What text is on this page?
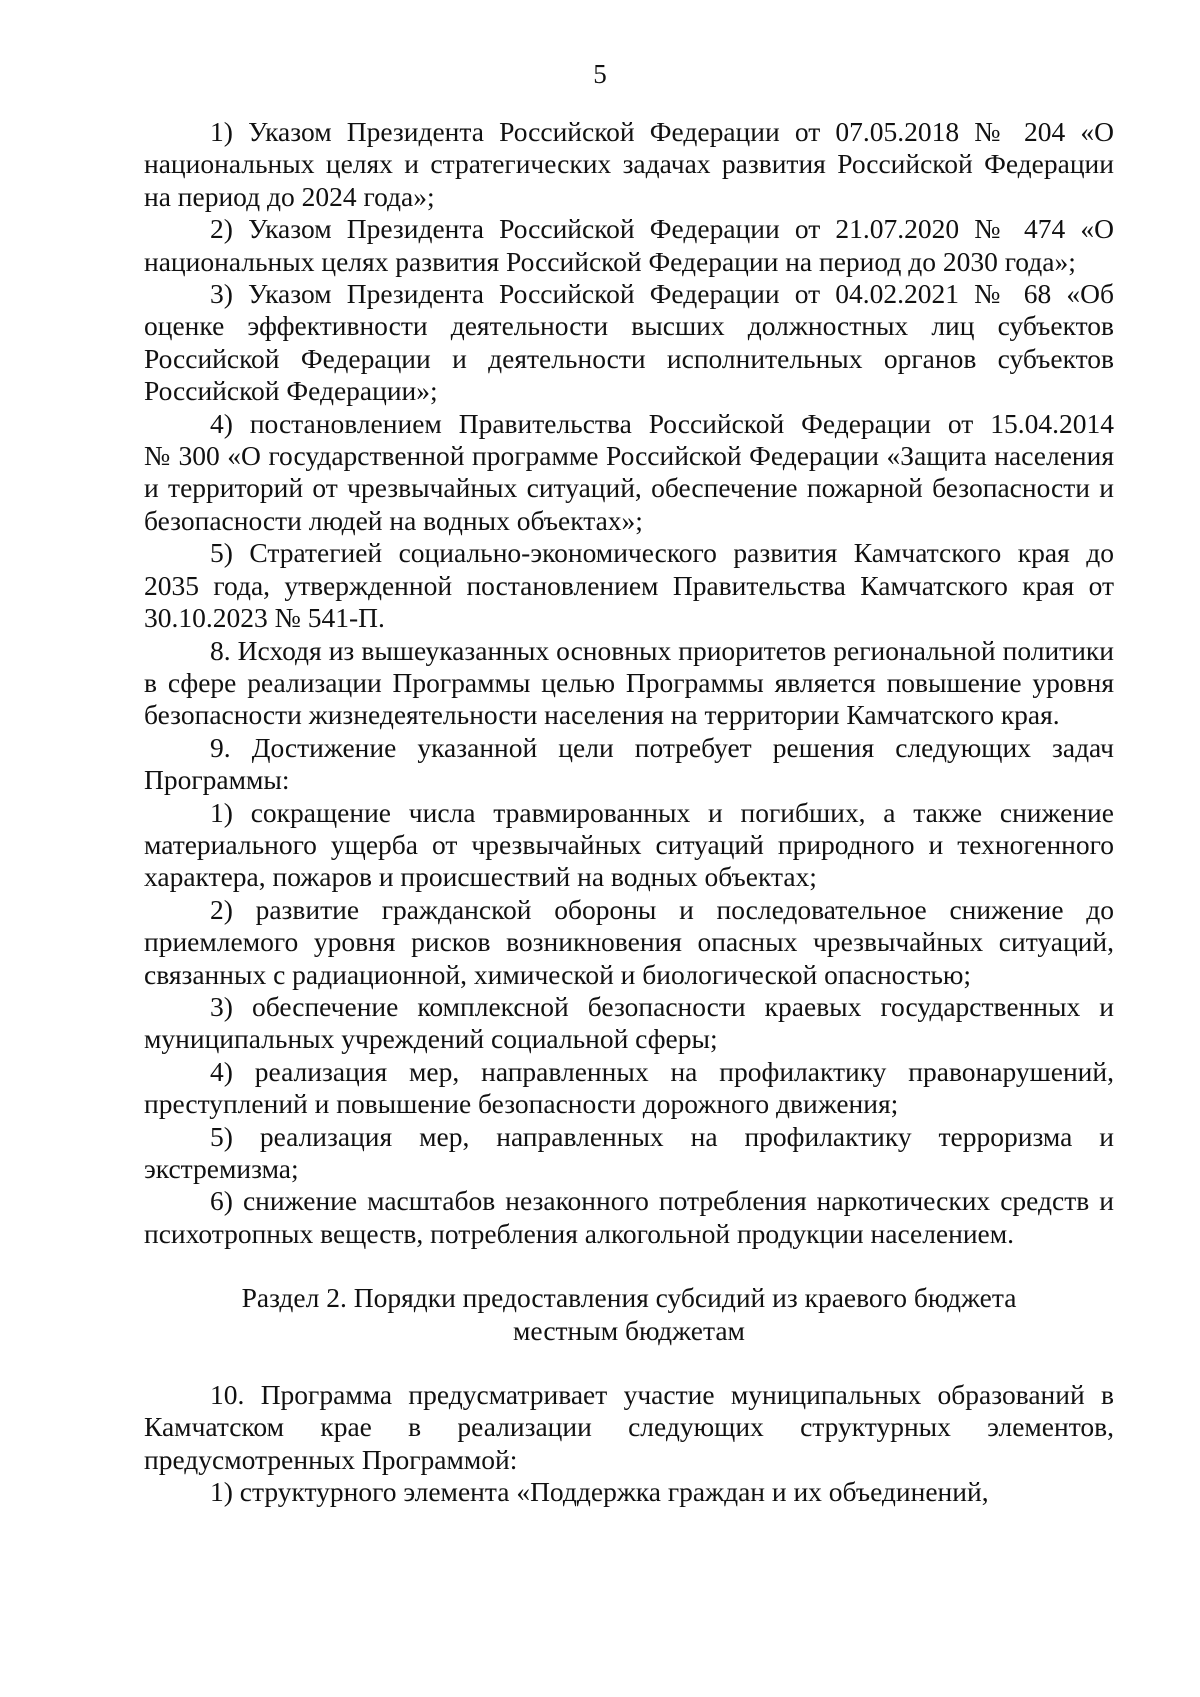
5

1) Указом Президента Российской Федерации от 07.05.2018 № 204 «О национальных целях и стратегических задачах развития Российской Федерации на период до 2024 года»;

2) Указом Президента Российской Федерации от 21.07.2020 № 474 «О национальных целях развития Российской Федерации на период до 2030 года»;

3) Указом Президента Российской Федерации от 04.02.2021 № 68 «Об оценке эффективности деятельности высших должностных лиц субъектов Российской Федерации и деятельности исполнительных органов субъектов Российской Федерации»;

4) постановлением Правительства Российской Федерации от 15.04.2014 № 300 «О государственной программе Российской Федерации «Защита населения и территорий от чрезвычайных ситуаций, обеспечение пожарной безопасности и безопасности людей на водных объектах»;

5) Стратегией социально-экономического развития Камчатского края до 2035 года, утвержденной постановлением Правительства Камчатского края от 30.10.2023 № 541-П.

8. Исходя из вышеуказанных основных приоритетов региональной политики в сфере реализации Программы целью Программы является повышение уровня безопасности жизнедеятельности населения на территории Камчатского края.

9. Достижение указанной цели потребует решения следующих задач Программы:

1) сокращение числа травмированных и погибших, а также снижение материального ущерба от чрезвычайных ситуаций природного и техногенного характера, пожаров и происшествий на водных объектах;

2) развитие гражданской обороны и последовательное снижение до приемлемого уровня рисков возникновения опасных чрезвычайных ситуаций, связанных с радиационной, химической и биологической опасностью;

3) обеспечение комплексной безопасности краевых государственных и муниципальных учреждений социальной сферы;

4) реализация мер, направленных на профилактику правонарушений, преступлений и повышение безопасности дорожного движения;

5) реализация мер, направленных на профилактику терроризма и экстремизма;

6) снижение масштабов незаконного потребления наркотических средств и психотропных веществ, потребления алкогольной продукции населением.

Раздел 2. Порядки предоставления субсидий из краевого бюджета

местным бюджетам

10. Программа предусматривает участие муниципальных образований в Камчатском крае в реализации следующих структурных элементов, предусмотренных Программой:

1) структурного элемента «Поддержка граждан и их объединений,
